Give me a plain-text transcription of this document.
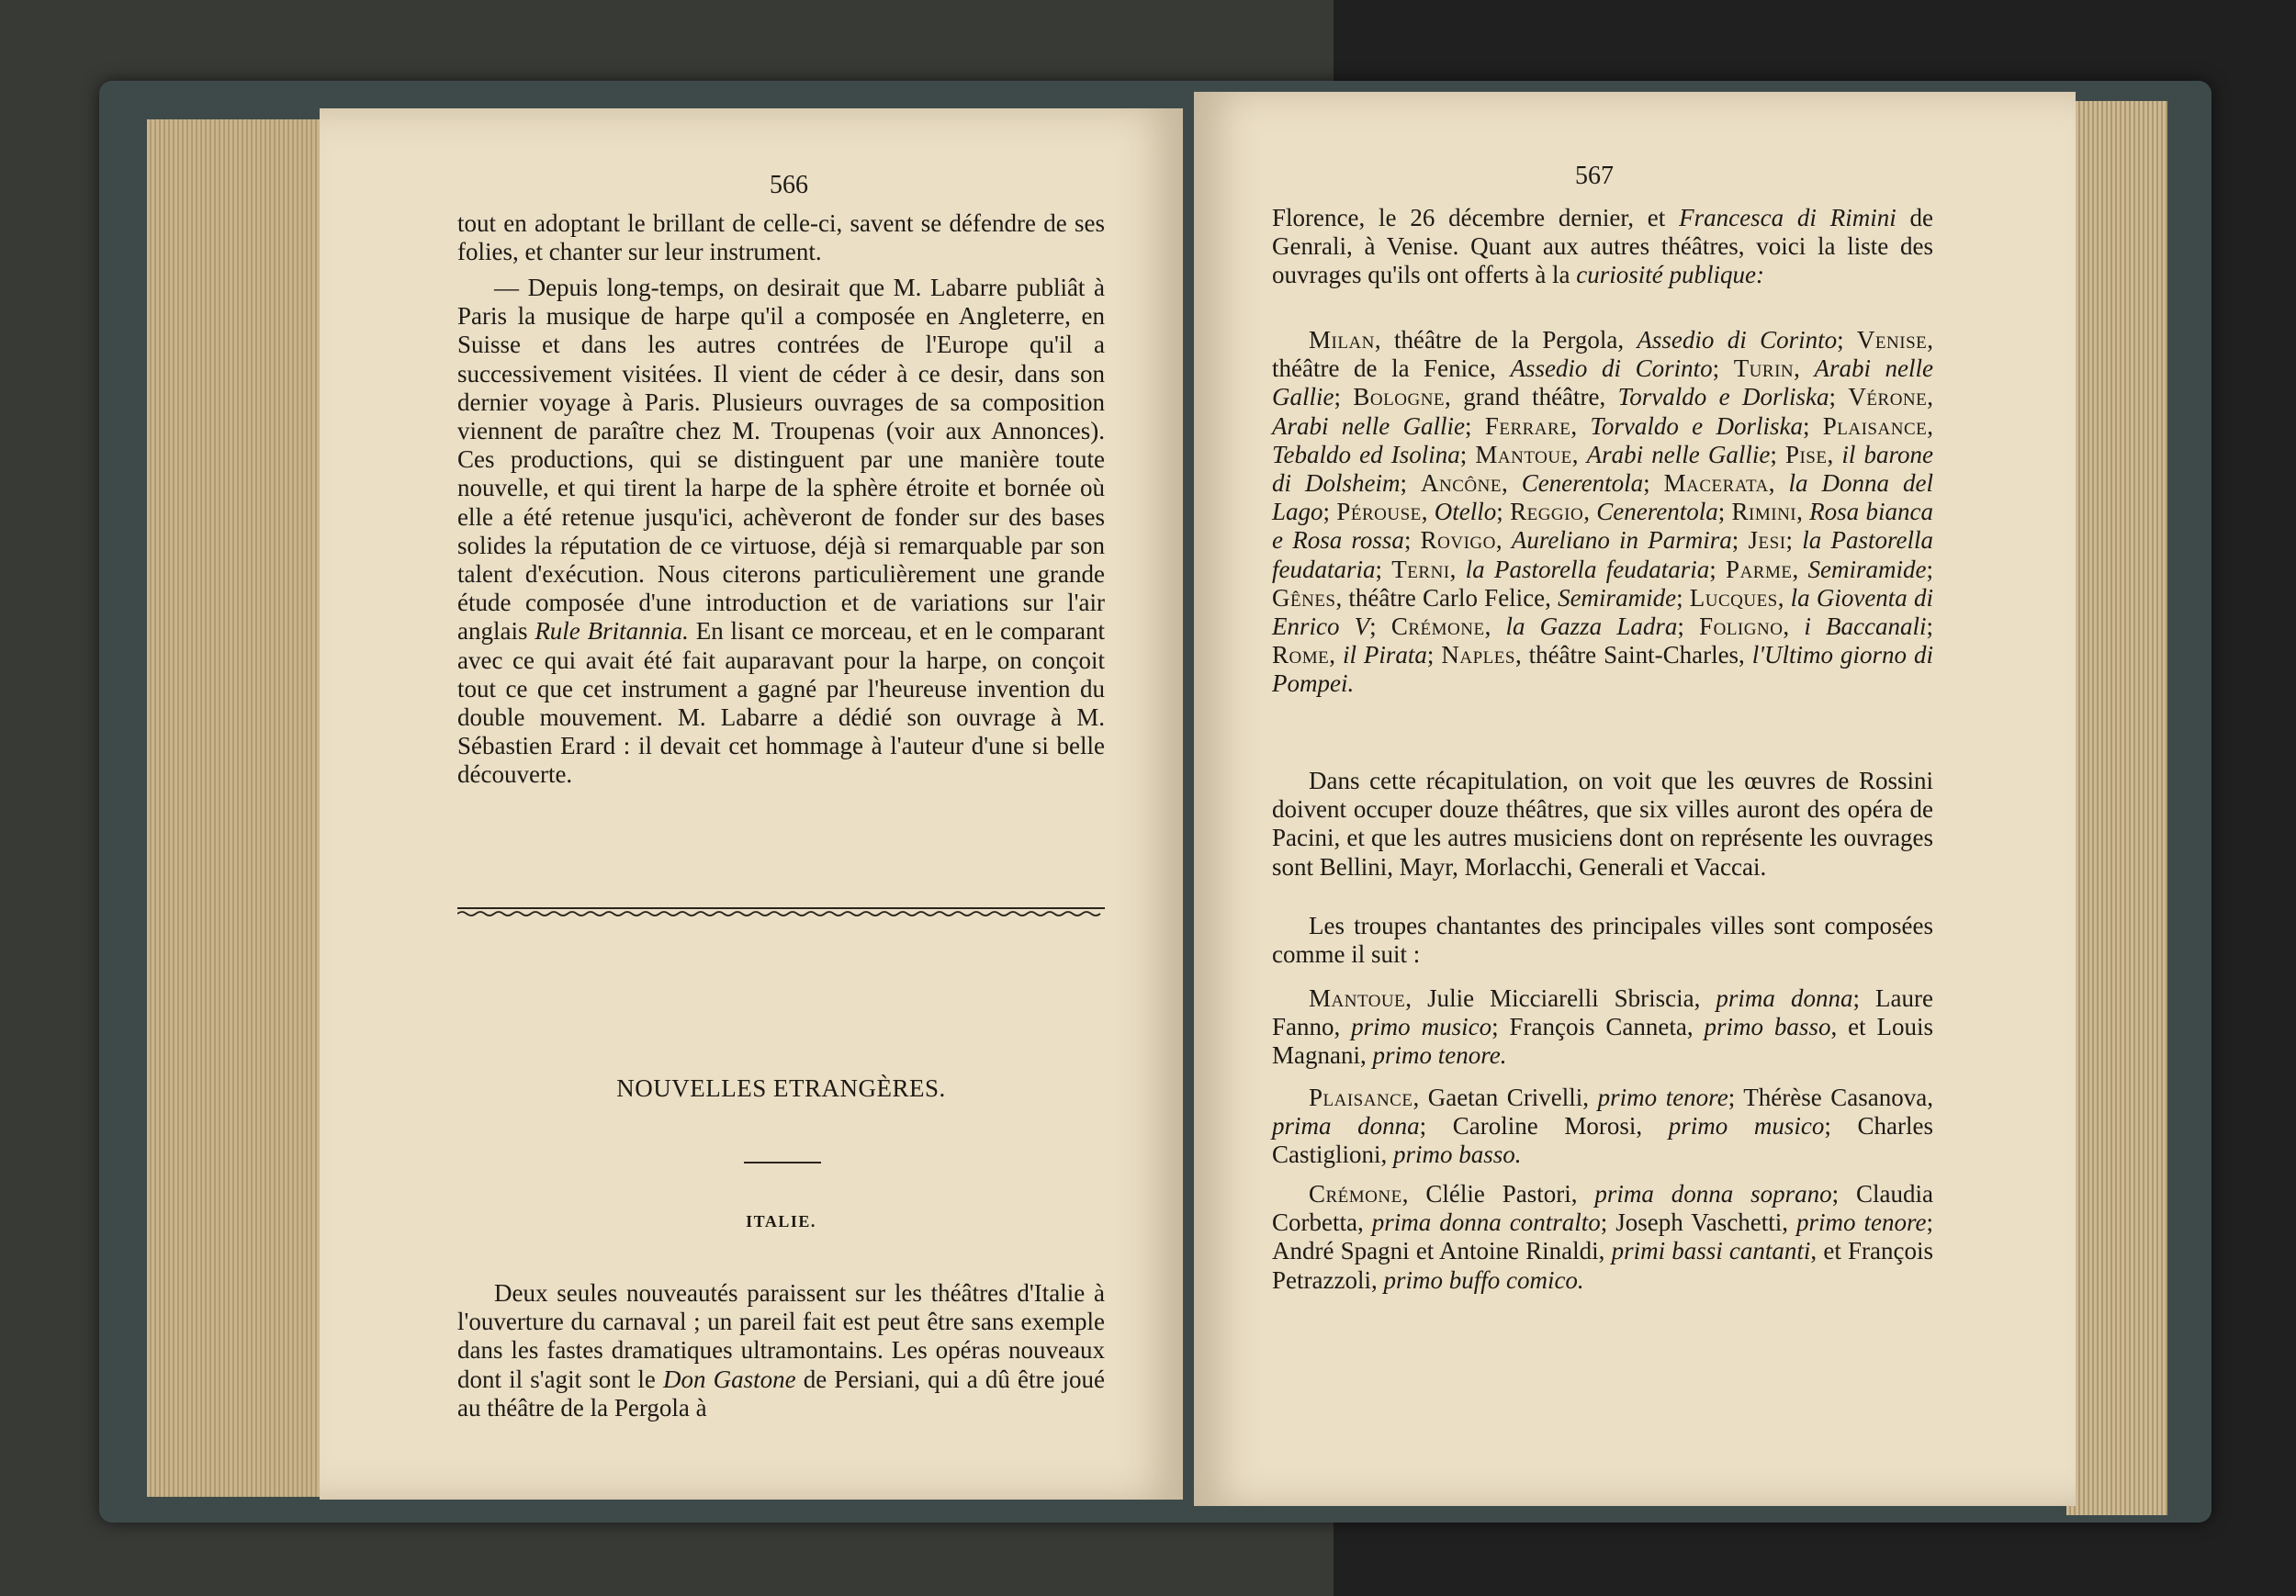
566

tout en adoptant le brillant de celle-ci, savent se défendre de ses folies, et chanter sur leur instrument.

— Depuis long-temps, on desirait que M. Labarre publiât à Paris la musique de harpe qu'il a composée en Angleterre, en Suisse et dans les autres contrées de l'Europe qu'il a successivement visitées. Il vient de céder à ce desir, dans son dernier voyage à Paris. Plusieurs ouvrages de sa composition viennent de paraître chez M. Troupenas (voir aux Annonces). Ces productions, qui se distinguent par une manière toute nouvelle, et qui tirent la harpe de la sphère étroite et bornée où elle a été retenue jusqu'ici, achèveront de fonder sur des bases solides la réputation de ce virtuose, déjà si remarquable par son talent d'exécution. Nous citerons particulièrement une grande étude composée d'une introduction et de variations sur l'air anglais Rule Britannia. En lisant ce morceau, et en le comparant avec ce qui avait été fait auparavant pour la harpe, on conçoit tout ce que cet instrument a gagné par l'heureuse invention du double mouvement. M. Labarre a dédié son ouvrage à M. Sébastien Erard : il devait cet hommage à l'auteur d'une si belle découverte.

NOUVELLES ETRANGÈRES.
ITALIE.

Deux seules nouveautés paraissent sur les théâtres d'Italie à l'ouverture du carnaval ; un pareil fait est peut être sans exemple dans les fastes dramatiques ultramontains. Les opéras nouveaux dont il s'agit sont le Don Gastone de Persiani, qui a dû être joué au théâtre de la Pergola à

567

Florence, le 26 décembre dernier, et Francesca di Rimini de Genrali, à Venise. Quant aux autres théâtres, voici la liste des ouvrages qu'ils ont offerts à la curiosité publique:

Milan, théâtre de la Pergola, Assedio di Corinto; Venise, théâtre de la Fenice, Assedio di Corinto; Turin, Arabi nelle Gallie; Bologne, grand théâtre, Torvaldo e Dorliska; Vérone, Arabi nelle Gallie; Ferrare, Torvaldo e Dorliska; Plaisance, Tebaldo ed Isolina; Mantoue, Arabi nelle Gallie; Pise, il barone di Dolsheim; Ancône, Cenerentola; Macerata, la Donna del Lago; Pérouse, Otello; Reggio, Cenerentola; Rimini, Rosa bianca e Rosa rossa; Rovigo, Aureliano in Parmira; Jesi; la Pastorella feudataria; Terni, la Pastorella feudataria; Parme, Semiramide; Gênes, théâtre Carlo Felice, Semiramide; Lucques, la Gioventa di Enrico V; Crémone, la Gazza Ladra; Foligno, i Baccanali; Rome, il Pirata; Naples, théâtre Saint-Charles, l'Ultimo giorno di Pompei.

Dans cette récapitulation, on voit que les œuvres de Rossini doivent occuper douze théâtres, que six villes auront des opéra de Pacini, et que les autres musiciens dont on représente les ouvrages sont Bellini, Mayr, Morlacchi, Generali et Vaccai.

Les troupes chantantes des principales villes sont composées comme il suit :

Mantoue, Julie Micciarelli Sbriscia, prima donna; Laure Fanno, primo musico; François Canneta, primo basso, et Louis Magnani, primo tenore.

Plaisance, Gaetan Crivelli, primo tenore; Thérèse Casanova, prima donna; Caroline Morosi, primo musico; Charles Castiglioni, primo basso.

Crémone, Clélie Pastori, prima donna soprano; Claudia Corbetta, prima donna contralto; Joseph Vaschetti, primo tenore; André Spagni et Antoine Rinaldi, primi bassi cantanti, et François Petrazzoli, primo buffo comico.
